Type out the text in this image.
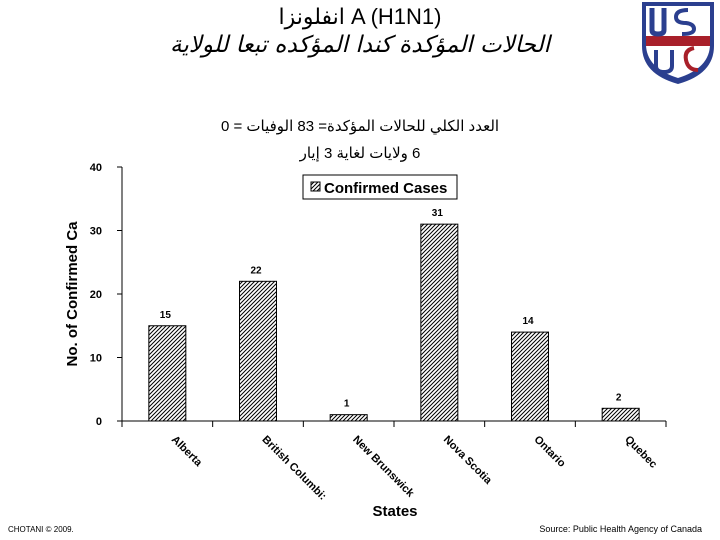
انفلونزا A (H1N1)
الحالات المؤكدة كندا المؤكده تبعا للولاية
العدد الكلي للحالات المؤكدة= 83 الوفيات = 0
6 ولايات لغاية 3 إيار
0
10
20
30
40
No. of Confirmed Ca
States
15
Alberta
22
British Columbi:
1
New Brunswick
31
Nova Scotia
14
Ontario
2
Quebec
Confirmed Cases
CHOTANI © 2009.	Source: Public Health Agency of Canada
